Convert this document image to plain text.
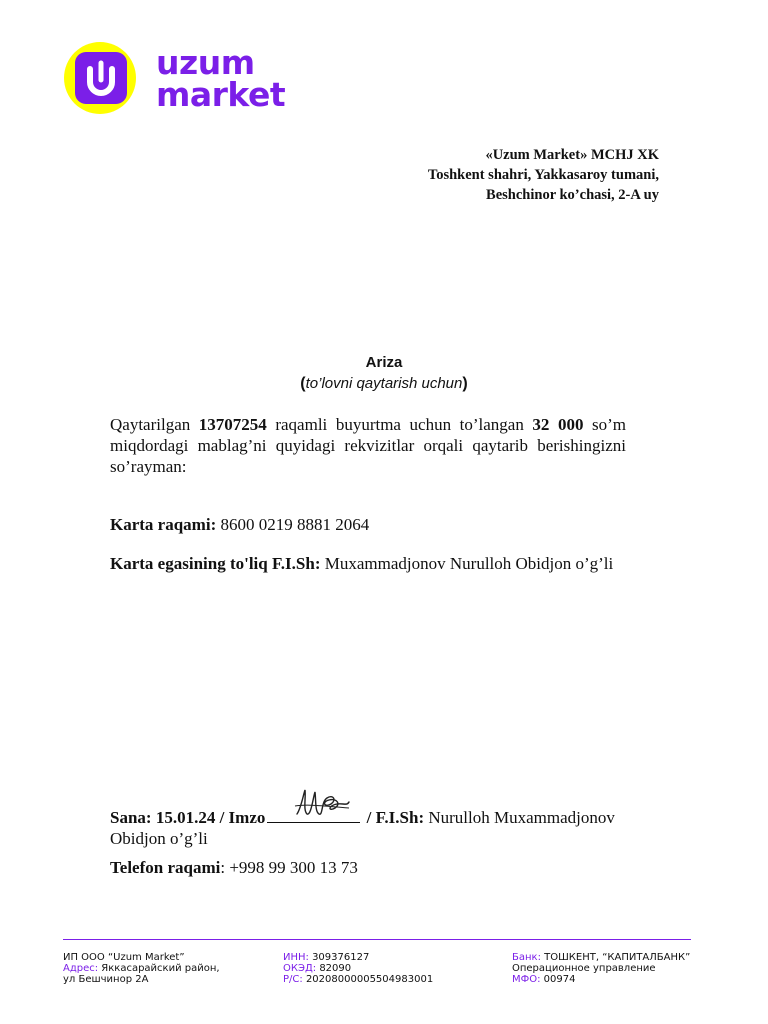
uzum
market
«Uzum Market» MCHJ XK
Toshkent shahri, Yakkasaroy tumani,
Beshchinor ko’chasi, 2-A uy
Ariza
(to’lovni qaytarish uchun)
Qaytarilgan 13707254 raqamli buyurtma uchun to’langan 32 000 so’m miqdordagi mablag’ni quyidagi rekvizitlar orqali qaytarib berishingizni so’rayman:
Karta raqami: 8600 0219 8881 2064
Karta egasining to'liq F.I.Sh: Muxammadjonov Nurulloh Obidjon o’g’li
Sana: 15.01.24 / Imzo	/ F.I.Sh: Nurulloh Muxammadjonov Obidjon o’g’li
Telefon raqami: +998 99 300 13 73
ИП ООО “Uzum Market”
Адрес: Яккасарайский район,
ул Бешчинор 2А
ИНН: 309376127
ОКЭД: 82090
Р/С: 20208000005504983001
Банк: ТОШКЕНТ, “КАПИТАЛБАНК”
Операционное управление
МФО: 00974
